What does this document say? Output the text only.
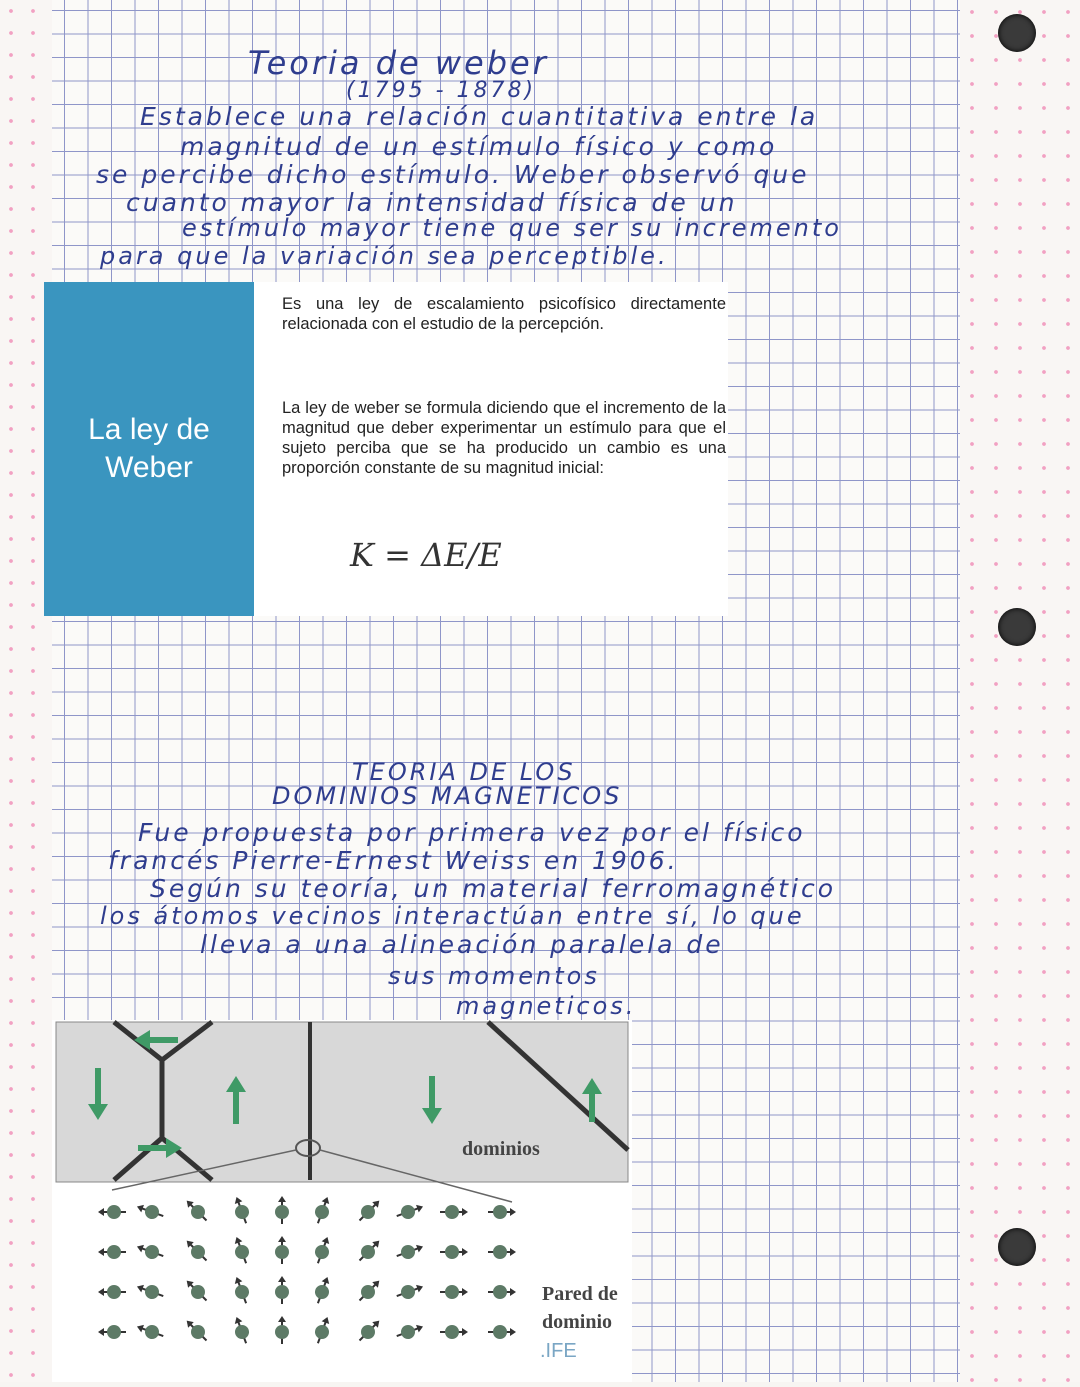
Teoria de weber
(1795 - 1878)
Establece una relación cuantitativa entre la
magnitud de un estímulo físico y como
se percibe dicho estímulo. Weber observó que
cuanto mayor la intensidad física de un
estímulo mayor tiene que ser su incremento
para que la variación sea perceptible.
La ley de Weber
Es una ley de escalamiento psicofísico directamente relacionada con el estudio de la percepción.
La ley de weber se formula diciendo que el incremento de la magnitud que deber experimentar un estímulo para que el sujeto perciba que se ha producido un cambio es una proporción constante de su magnitud inicial:
K = ΔE/E
TEORIA DE LOS
DOMINIOS MAGNETICOS
Fue propuesta por primera vez por el físico
francés Pierre-Ernest Weiss en 1906.
Según su teoría, un material ferromagnético
los átomos vecinos interactúan entre sí, lo que
lleva a una alineación paralela de
sus momentos
magneticos.
dominios
Pared de dominio
.IFE
